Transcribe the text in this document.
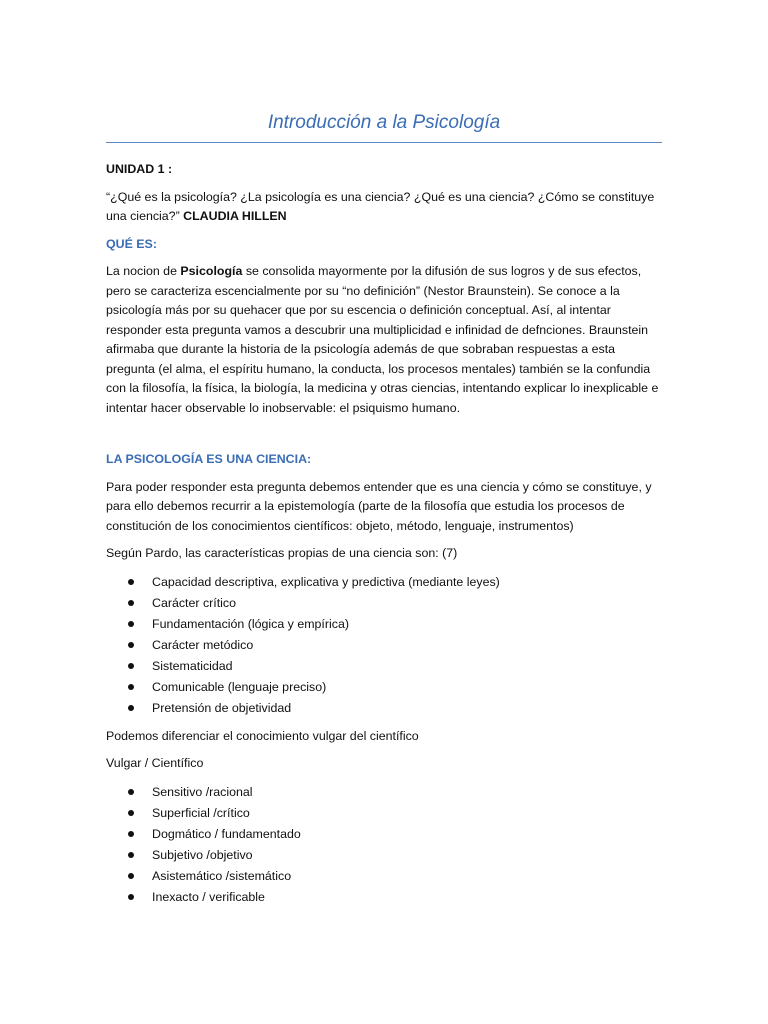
Introducción a la Psicología

UNIDAD 1 :

“¿Qué es la psicología? ¿La psicología es una ciencia? ¿Qué es una ciencia? ¿Cómo se constituye una ciencia?” CLAUDIA HILLEN

QUÉ ES:

La nocion de Psicología se consolida mayormente por la difusión de sus logros y de sus efectos, pero se caracteriza escencialmente por su “no definición” (Nestor Braunstein). Se conoce a la psicología más por su quehacer que por su escencia o definición conceptual. Así, al intentar responder esta pregunta vamos a descubrir una multiplicidad e infinidad de defnciones. Braunstein afirmaba que durante la historia de la psicología además de que sobraban respuestas a esta pregunta (el alma, el espíritu humano, la conducta, los procesos mentales) también se la confundia con la filosofía, la física, la biología, la medicina y otras ciencias, intentando explicar lo inexplicable e intentar hacer observable lo inobservable: el psiquismo humano.

LA PSICOLOGÍA ES UNA CIENCIA:

Para poder responder esta pregunta debemos entender que es una ciencia y cómo se constituye, y para ello debemos recurrir a la epistemología (parte de la filosofía que estudia los procesos de constitución de los conocimientos científicos: objeto, método, lenguaje, instrumentos)

Según Pardo, las características propias de una ciencia son: (7)

Capacidad descriptiva, explicativa y predictiva (mediante leyes)
Carácter crítico
Fundamentación (lógica y empírica)
Carácter metódico
Sistematicidad
Comunicable (lenguaje preciso)
Pretensión de objetividad

Podemos diferenciar el conocimiento vulgar del científico

Vulgar / Científico

Sensitivo /racional
Superficial /crítico
Dogmático / fundamentado
Subjetivo /objetivo
Asistemático /sistemático
Inexacto / verificable
